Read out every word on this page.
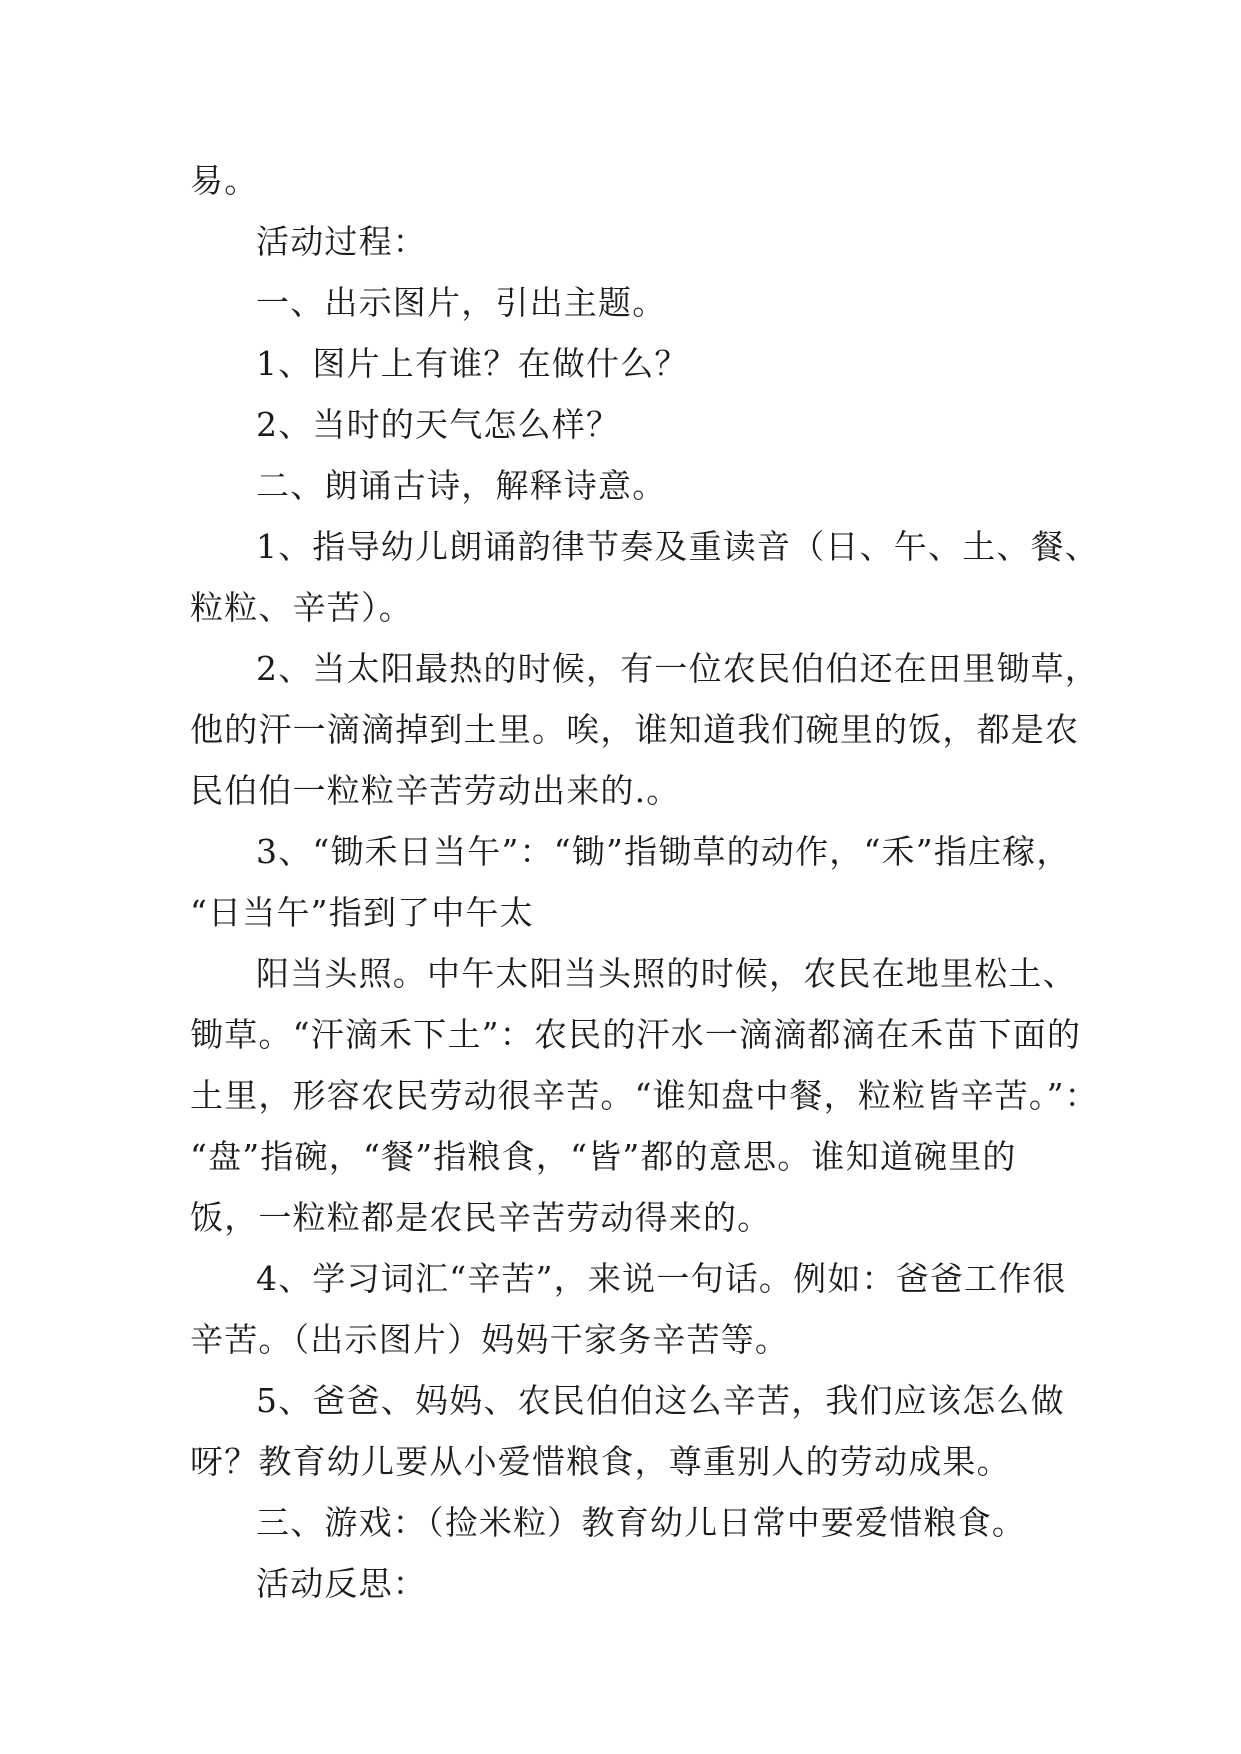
易。
活动过程：
一、出示图片，引出主题。
1、图片上有谁？在做什么？
2、当时的天气怎么样？
二、朗诵古诗，解释诗意。
1、指导幼儿朗诵韵律节奏及重读音（日、午、土、餐、
粒粒、辛苦）。
2、当太阳最热的时候，有一位农民伯伯还在田里锄草，
他的汗一滴滴掉到土里。唉，谁知道我们碗里的饭，都是农
民伯伯一粒粒辛苦劳动出来的.。
3、“锄禾日当午”：“锄”指锄草的动作，“禾”指庄稼，
“日当午”指到了中午太
阳当头照。中午太阳当头照的时候，农民在地里松土、
锄草。“汗滴禾下土”：农民的汗水一滴滴都滴在禾苗下面的
土里，形容农民劳动很辛苦。“谁知盘中餐，粒粒皆辛苦。”：
“盘”指碗，“餐”指粮食，“皆”都的意思。谁知道碗里的
饭，一粒粒都是农民辛苦劳动得来的。
4、学习词汇“辛苦”，来说一句话。例如：爸爸工作很
辛苦。（出示图片）妈妈干家务辛苦等。
5、爸爸、妈妈、农民伯伯这么辛苦，我们应该怎么做
呀？教育幼儿要从小爱惜粮食，尊重别人的劳动成果。
三、游戏：（捡米粒）教育幼儿日常中要爱惜粮食。
活动反思：
